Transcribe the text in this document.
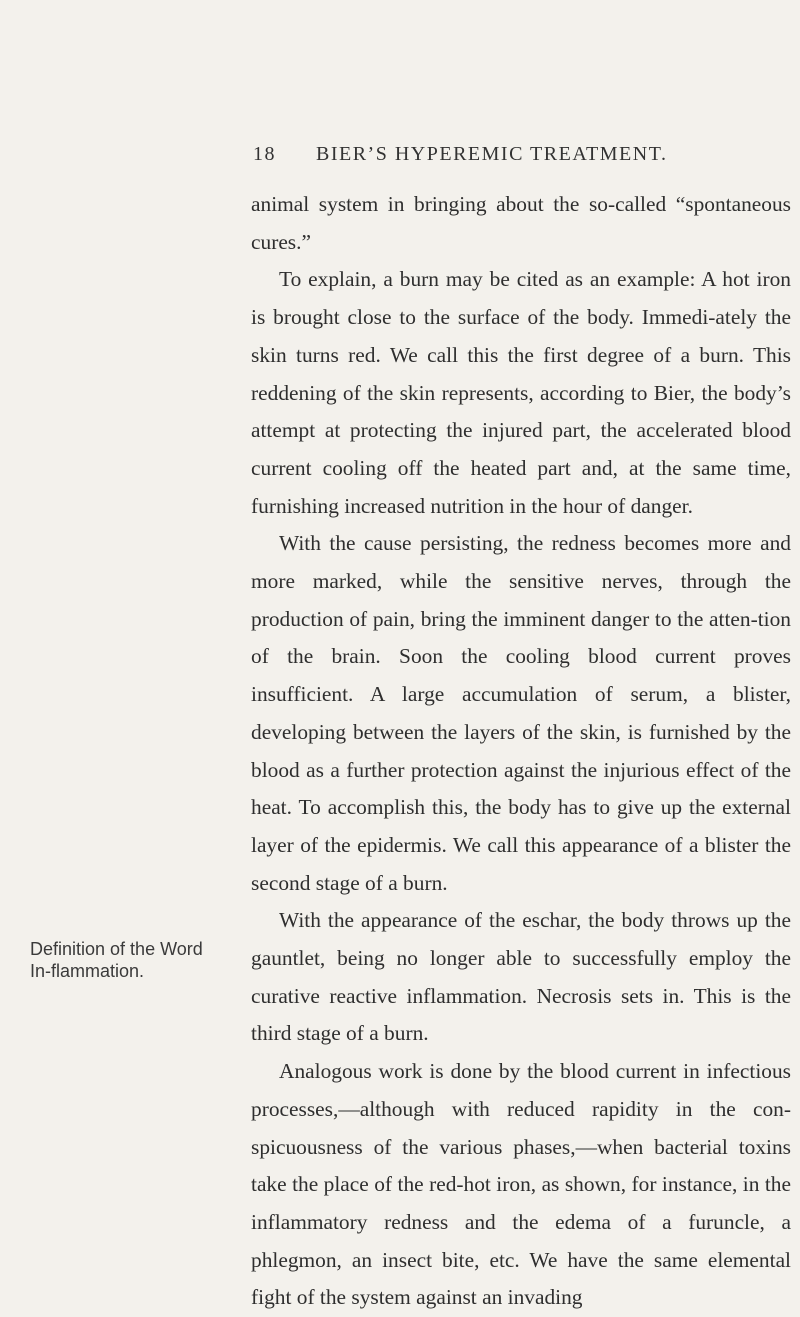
18 BIER’S HYPEREMIC TREATMENT.
Definition of the Word In-flammation.

animal system in bringing about the so-called “spontaneous cures.”

To explain, a burn may be cited as an example: A hot iron is brought close to the surface of the body. Immedi-ately the skin turns red. We call this the first degree of a burn. This reddening of the skin represents, according to Bier, the body’s attempt at protecting the injured part, the accelerated blood current cooling off the heated part and, at the same time, furnishing increased nutrition in the hour of danger.

With the cause persisting, the redness becomes more and more marked, while the sensitive nerves, through the production of pain, bring the imminent danger to the atten-tion of the brain. Soon the cooling blood current proves insufficient. A large accumulation of serum, a blister, developing between the layers of the skin, is furnished by the blood as a further protection against the injurious effect of the heat. To accomplish this, the body has to give up the external layer of the epidermis. We call this appearance of a blister the second stage of a burn.

With the appearance of the eschar, the body throws up the gauntlet, being no longer able to successfully employ the curative reactive inflammation. Necrosis sets in. This is the third stage of a burn.

Analogous work is done by the blood current in infectious processes,—although with reduced rapidity in the con-spicuousness of the various phases,—when bacterial toxins take the place of the red-hot iron, as shown, for instance, in the inflammatory redness and the edema of a furuncle, a phlegmon, an insect bite, etc. We have the same elemental fight of the system against an invading
